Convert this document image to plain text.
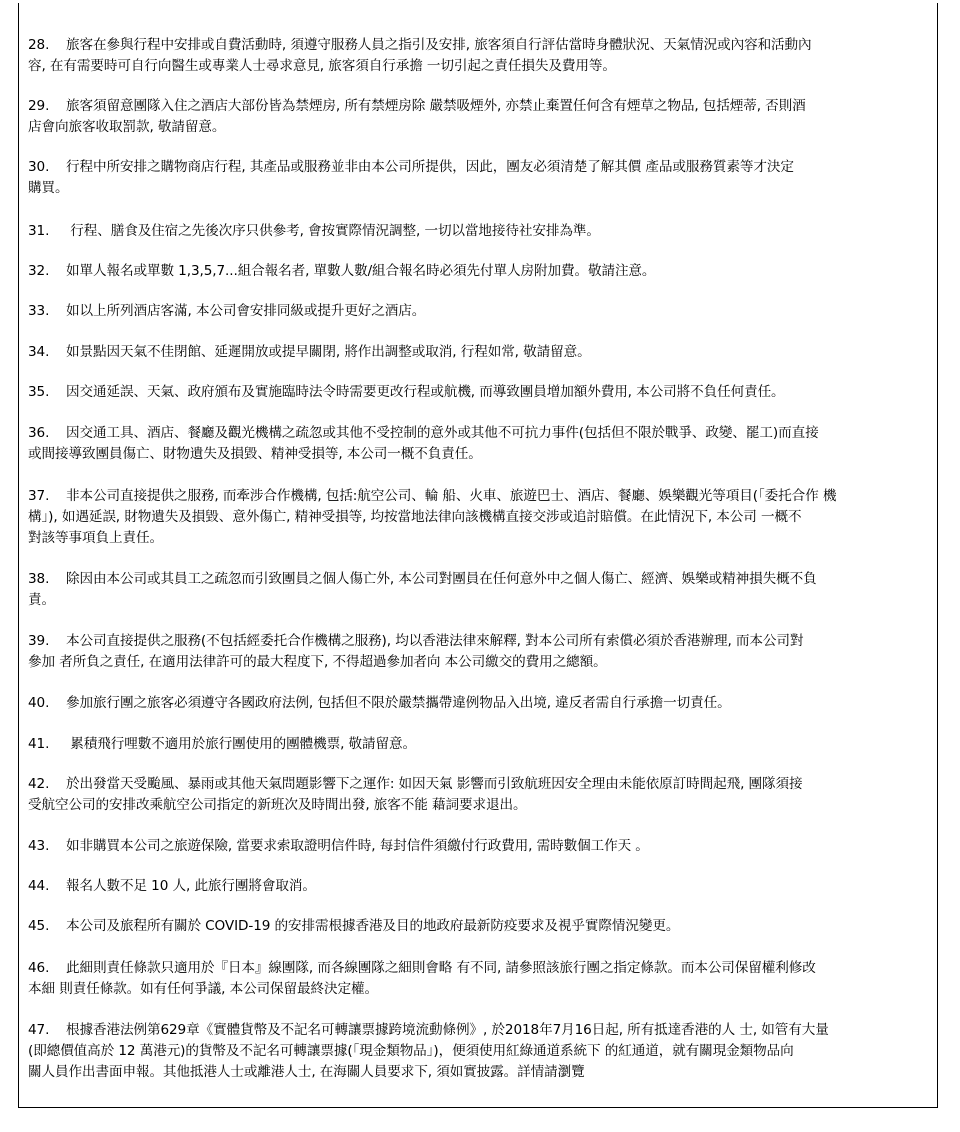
28. 旅客在參與行程中安排或自費活動時, 須遵守服務人員之指引及安排, 旅客須自行評估當時身體狀況、天氣情況或內容和活動內
容, 在有需要時可自行向醫生或專業人士尋求意見, 旅客須自行承擔 一切引起之責任損失及費用等。
29. 旅客須留意團隊入住之酒店大部份皆為禁煙房, 所有禁煙房除 嚴禁吸煙外, 亦禁止棄置任何含有煙草之物品, 包括煙蒂, 否則酒
店會向旅客收取罰款, 敬請留意。
30. 行程中所安排之購物商店行程, 其產品或服務並非由本公司所提供，因此，團友必須清楚了解其價 產品或服務質素等才決定
購買。
31. 行程、膳食及住宿之先後次序只供參考, 會按實際情況調整, 一切以當地接待社安排為準。
32. 如單人報名或單數 1,3,5,7...組合報名者, 單數人數/組合報名時必須先付單人房附加費。敬請注意。
33. 如以上所列酒店客滿, 本公司會安排同級或提升更好之酒店。
34. 如景點因天氣不佳閉館、延遲開放或提早關閉, 將作出調整或取消, 行程如常, 敬請留意。
35. 因交通延誤、天氣、政府頒布及實施臨時法令時需要更改行程或航機, 而導致團員增加額外費用, 本公司將不負任何責任。
36. 因交通工具、酒店、餐廳及觀光機構之疏忽或其他不受控制的意外或其他不可抗力事件(包括但不限於戰爭、政變、罷工)而直接
或間接導致團員傷亡、財物遺失及損毀、精神受損等, 本公司一概不負責任。
37. 非本公司直接提供之服務, 而牽涉合作機構, 包括:航空公司、輪 船、火車、旅遊巴士、酒店、餐廳、娛樂觀光等項目(「委托合作 機
構」), 如遇延誤, 財物遺失及損毀、意外傷亡, 精神受損等, 均按當地法律向該機構直接交涉或追討賠償。在此情況下, 本公司 一概不
對該等事項負上責任。
38. 除因由本公司或其員工之疏忽而引致團員之個人傷亡外, 本公司對團員在任何意外中之個人傷亡、經濟、娛樂或精神損失概不負
責。
39. 本公司直接提供之服務(不包括經委托合作機構之服務), 均以香港法律來解釋, 對本公司所有索償必須於香港辦理, 而本公司對
參加 者所負之責任, 在適用法律許可的最大程度下, 不得超過參加者向 本公司繳交的費用之總額。
40. 參加旅行團之旅客必須遵守各國政府法例, 包括但不限於嚴禁攜帶違例物品入出境, 違反者需自行承擔一切責任。
41. 累積飛行哩數不適用於旅行團使用的團體機票, 敬請留意。
42. 於出發當天受颱風、暴雨或其他天氣問題影響下之運作: 如因天氣 影響而引致航班因安全理由未能依原訂時間起飛, 團隊須接
受航空公司的安排改乘航空公司指定的新班次及時間出發, 旅客不能 藉詞要求退出。
43. 如非購買本公司之旅遊保險, 當要求索取證明信件時, 每封信件須繳付行政費用, 需時數個工作天 。
44. 報名人數不足 10 人, 此旅行團將會取消。
45. 本公司及旅程所有關於 COVID-19 的安排需根據香港及目的地政府最新防疫要求及視乎實際情況變更。
46. 此細則責任條款只適用於『日本』線團隊, 而各線團隊之細則會略 有不同, 請參照該旅行團之指定條款。而本公司保留權利修改
本細 則責任條款。如有任何爭議, 本公司保留最終決定權。
47. 根據香港法例第629章《實體貨幣及不記名可轉讓票據跨境流動條例》, 於2018年7月16日起, 所有抵達香港的人 士, 如管有大量
(即總價值高於 12 萬港元)的貨幣及不記名可轉讓票據(「現金類物品」)，便須使用紅綠通道系統下 的紅通道，就有關現金類物品向
關人員作出書面申報。其他抵港人士或離港人士, 在海關人員要求下, 須如實披露。詳情請瀏覽
